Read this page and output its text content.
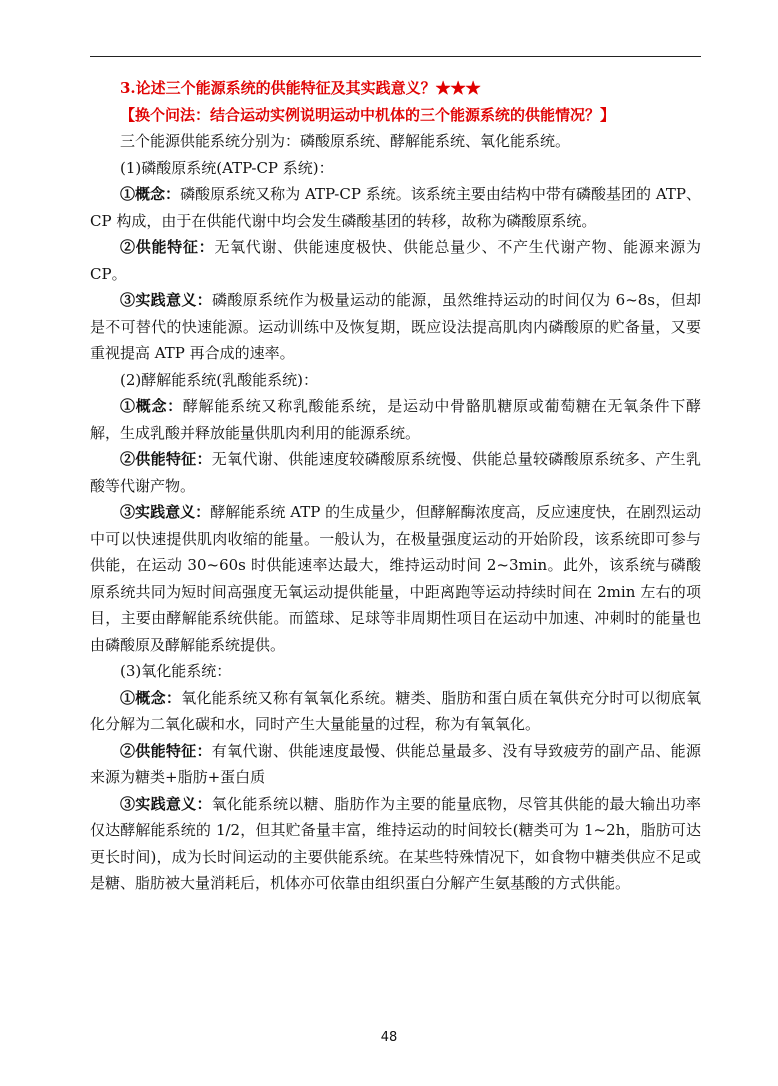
3.论述三个能源系统的供能特征及其实践意义？★★★

【换个问法：结合运动实例说明运动中机体的三个能源系统的供能情况？】

三个能源供能系统分别为：磷酸原系统、酵解能系统、氧化能系统。

(1)磷酸原系统(ATP-CP 系统)：

①概念：磷酸原系统又称为 ATP-CP 系统。该系统主要由结构中带有磷酸基团的 ATP、CP 构成，由于在供能代谢中均会发生磷酸基团的转移，故称为磷酸原系统。

②供能特征：无氧代谢、供能速度极快、供能总量少、不产生代谢产物、能源来源为 CP。

③实践意义：磷酸原系统作为极量运动的能源，虽然维持运动的时间仅为 6~8s，但却是不可替代的快速能源。运动训练中及恢复期，既应设法提高肌肉内磷酸原的贮备量，又要重视提高 ATP 再合成的速率。

(2)酵解能系统(乳酸能系统)：

①概念：酵解能系统又称乳酸能系统，是运动中骨骼肌糖原或葡萄糖在无氧条件下酵解，生成乳酸并释放能量供肌肉利用的能源系统。

②供能特征：无氧代谢、供能速度较磷酸原系统慢、供能总量较磷酸原系统多、产生乳酸等代谢产物。

③实践意义：酵解能系统 ATP 的生成量少，但酵解酶浓度高，反应速度快，在剧烈运动中可以快速提供肌肉收缩的能量。一般认为，在极量强度运动的开始阶段，该系统即可参与供能，在运动 30~60s 时供能速率达最大，维持运动时间 2~3min。此外，该系统与磷酸原系统共同为短时间高强度无氧运动提供能量，中距离跑等运动持续时间在 2min 左右的项目，主要由酵解能系统供能。而篮球、足球等非周期性项目在运动中加速、冲刺时的能量也由磷酸原及酵解能系统提供。

(3)氧化能系统：

①概念：氧化能系统又称有氧氧化系统。糖类、脂肪和蛋白质在氧供充分时可以彻底氧化分解为二氧化碳和水，同时产生大量能量的过程，称为有氧氧化。

②供能特征：有氧代谢、供能速度最慢、供能总量最多、没有导致疲劳的副产品、能源来源为糖类+脂肪+蛋白质

③实践意义：氧化能系统以糖、脂肪作为主要的能量底物，尽管其供能的最大输出功率仅达酵解能系统的 1/2，但其贮备量丰富，维持运动的时间较长(糖类可为 1~2h，脂肪可达更长时间)，成为长时间运动的主要供能系统。在某些特殊情况下，如食物中糖类供应不足或是糖、脂肪被大量消耗后，机体亦可依靠由组织蛋白分解产生氨基酸的方式供能。

48
